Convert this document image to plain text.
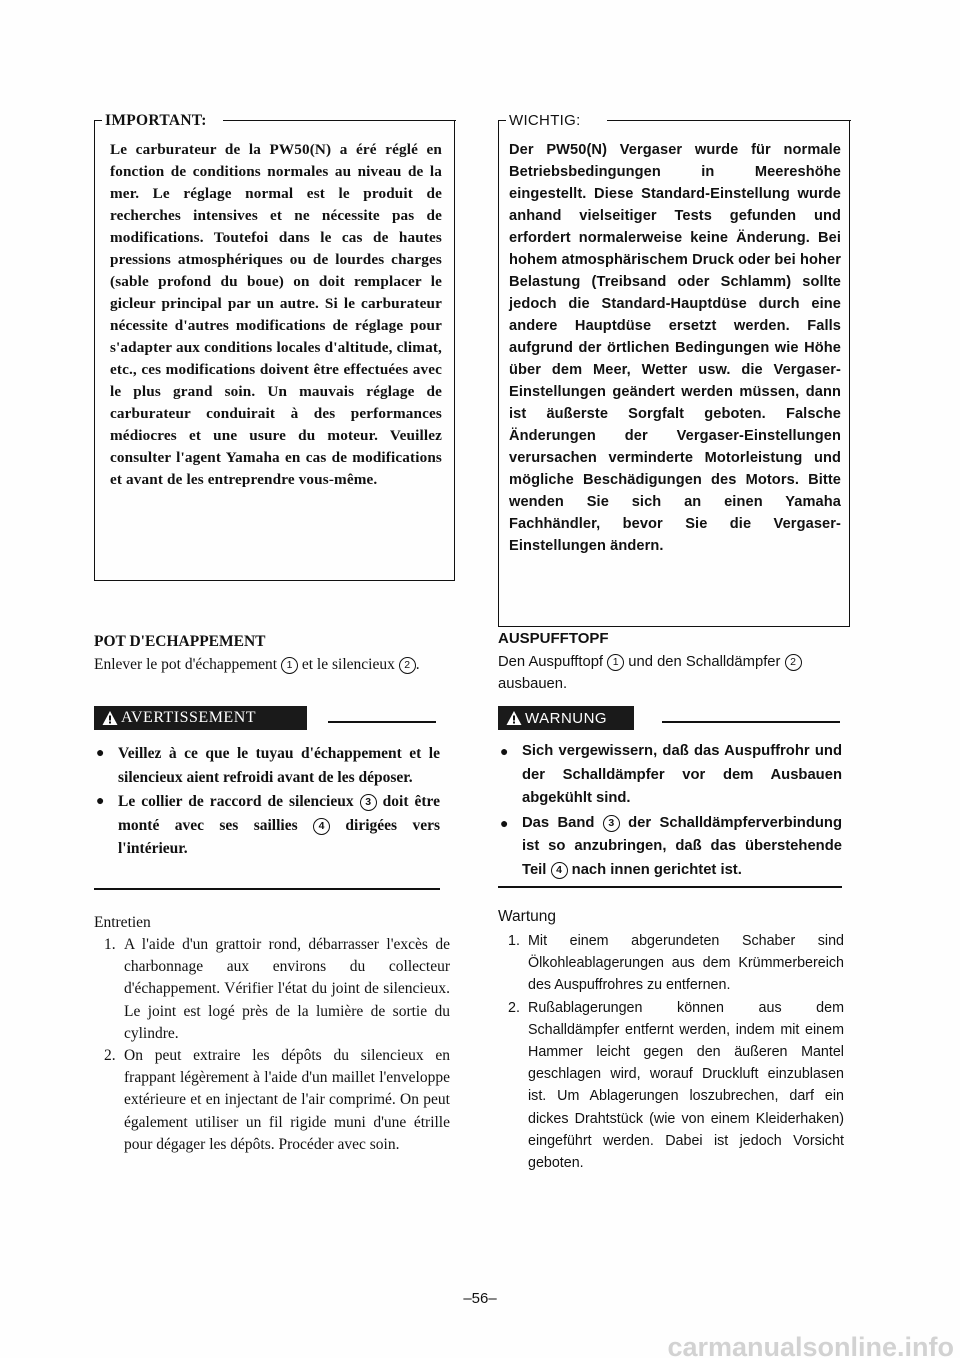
IMPORTANT:
Le carburateur de la PW50(N) a éré réglé en fonction de conditions normales au niveau de la mer. Le réglage normal est le produit de recherches intensives et ne nécessite pas de modifications. Toutefoi dans le cas de hautes pressions atmosphériques ou de lourdes charges (sable profond du boue) on doit remplacer le gicleur principal par un autre. Si le carburateur nécessite d'autres modifications de réglage pour s'adapter aux conditions locales d'altitude, climat, etc., ces modifications doivent être effectuées avec le plus grand soin. Un mauvais réglage de carburateur conduirait à des performances médiocres et une usure du moteur. Veuillez consulter l'agent Yamaha en cas de modifications et avant de les entreprendre vous-même.
POT D'ECHAPPEMENT
Enlever le pot d'échappement 1 et le silencieux 2 .
AVERTISSEMENT
● Veillez à ce que le tuyau d'échappement et le silencieux aient refroidi avant de les déposer.
● Le collier de raccord de silencieux 3 doit être monté avec ses saillies 4 dirigées vers l'intérieur.
Entretien
1. A l'aide d'un grattoir rond, débarrasser l'excès de charbonnage aux environs du collecteur d'échappement. Vérifier l'état du joint de silencieux. Le joint est logé près de la lumière de sortie du cylindre.
2. On peut extraire les dépôts du silencieux en frappant légèrement à l'aide d'un maillet l'enveloppe extérieure et en injectant de l'air comprimé. On peut également utiliser un fil rigide muni d'une étrille pour dégager les dépôts. Procéder avec soin.
WICHTIG:
Der PW50(N) Vergaser wurde für normale Betriebsbedingungen in Meereshöhe eingestellt. Diese Standard-Einstellung wurde anhand vielseitiger Tests gefunden und erfordert normalerweise keine Änderung. Bei hohem atmosphärischem Druck oder bei hoher Belastung (Treibsand oder Schlamm) sollte jedoch die Standard-Hauptdüse durch eine andere Hauptdüse ersetzt werden. Falls aufgrund der örtlichen Bedingungen wie Höhe über dem Meer, Wetter usw. die Vergaser-Einstellungen geändert werden müssen, dann ist äußerste Sorgfalt geboten. Falsche Änderungen der Vergaser-Einstellungen verursachen verminderte Motorleistung und mögliche Beschädigungen des Motors. Bitte wenden Sie sich an einen Yamaha Fachhändler, bevor Sie die Vergaser-Einstellungen ändern.
AUSPUFFTOPF
Den Auspufftopf 1 und den Schalldämpfer 2 ausbauen.
WARNUNG
● Sich vergewissern, daß das Auspuffrohr und der Schalldämpfer vor dem Ausbauen abgekühlt sind.
● Das Band 3 der Schalldämpferverbindung ist so anzubringen, daß das überstehende Teil 4 nach innen gerichtet ist.
Wartung
1. Mit einem abgerundeten Schaber sind Ölkohleablagerungen aus dem Krümmerbereich des Auspuffrohres zu entfernen.
2. Rußablagerungen können aus dem Schalldämpfer entfernt werden, indem mit einem Hammer leicht gegen den äußeren Mantel geschlagen wird, worauf Druckluft einzublasen ist. Um Ablagerungen loszubrechen, darf ein dickes Drahtstück (wie von einem Kleiderhaken) eingeführt werden. Dabei ist jedoch Vorsicht geboten.
–56–
carmanualsonline.info
